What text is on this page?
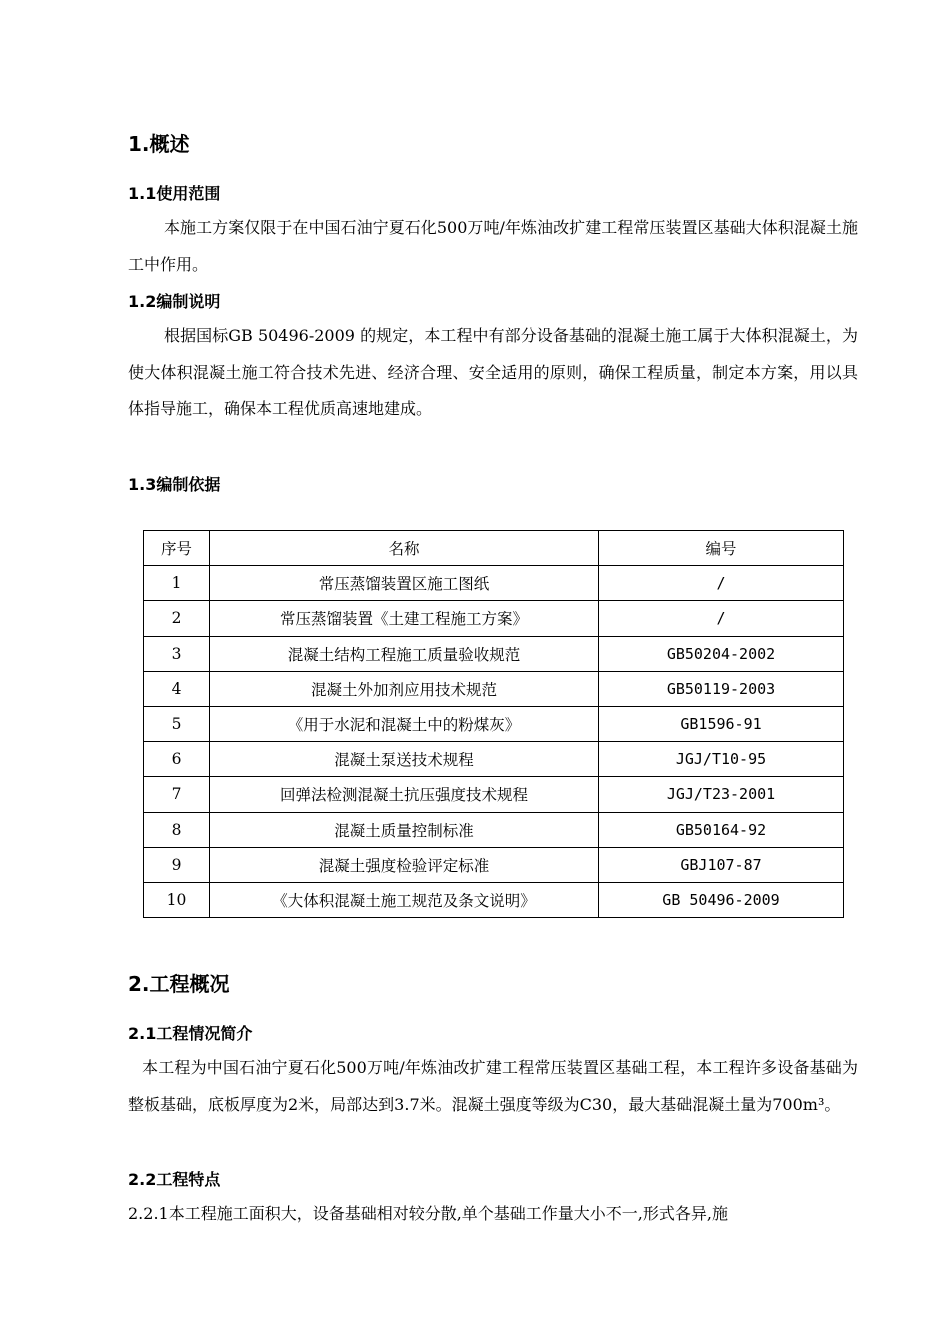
1.概述
1.1使用范围

本施工方案仅限于在中国石油宁夏石化500万吨/年炼油改扩建工程常压装置区基础大体积混凝土施工中作用。

1.2编制说明

根据国标GB 50496-2009 的规定，本工程中有部分设备基础的混凝土施工属于大体积混凝土，为使大体积混凝土施工符合技术先进、经济合理、安全适用的原则，确保工程质量，制定本方案，用以具体指导施工，确保本工程优质高速地建成。

1.3编制依据
序号	名称	编号
1	常压蒸馏装置区施工图纸	/
2	常压蒸馏装置《土建工程施工方案》	/
3	混凝土结构工程施工质量验收规范	GB50204-2002
4	混凝土外加剂应用技术规范	GB50119-2003
5	《用于水泥和混凝土中的粉煤灰》	GB1596-91
6	混凝土泵送技术规程	JGJ/T10-95
7	回弹法检测混凝土抗压强度技术规程	JGJ/T23-2001
8	混凝土质量控制标准	GB50164-92
9	混凝土强度检验评定标准	GBJ107-87
10	《大体积混凝土施工规范及条文说明》	GB 50496-2009
2.工程概况
2.1工程情况简介

本工程为中国石油宁夏石化500万吨/年炼油改扩建工程常压装置区基础工程，本工程许多设备基础为整板基础，底板厚度为2米，局部达到3.7米。混凝土强度等级为C30，最大基础混凝土量为700m³。

2.2工程特点

2.2.1本工程施工面积大，设备基础相对较分散,单个基础工作量大小不一,形式各异,施
